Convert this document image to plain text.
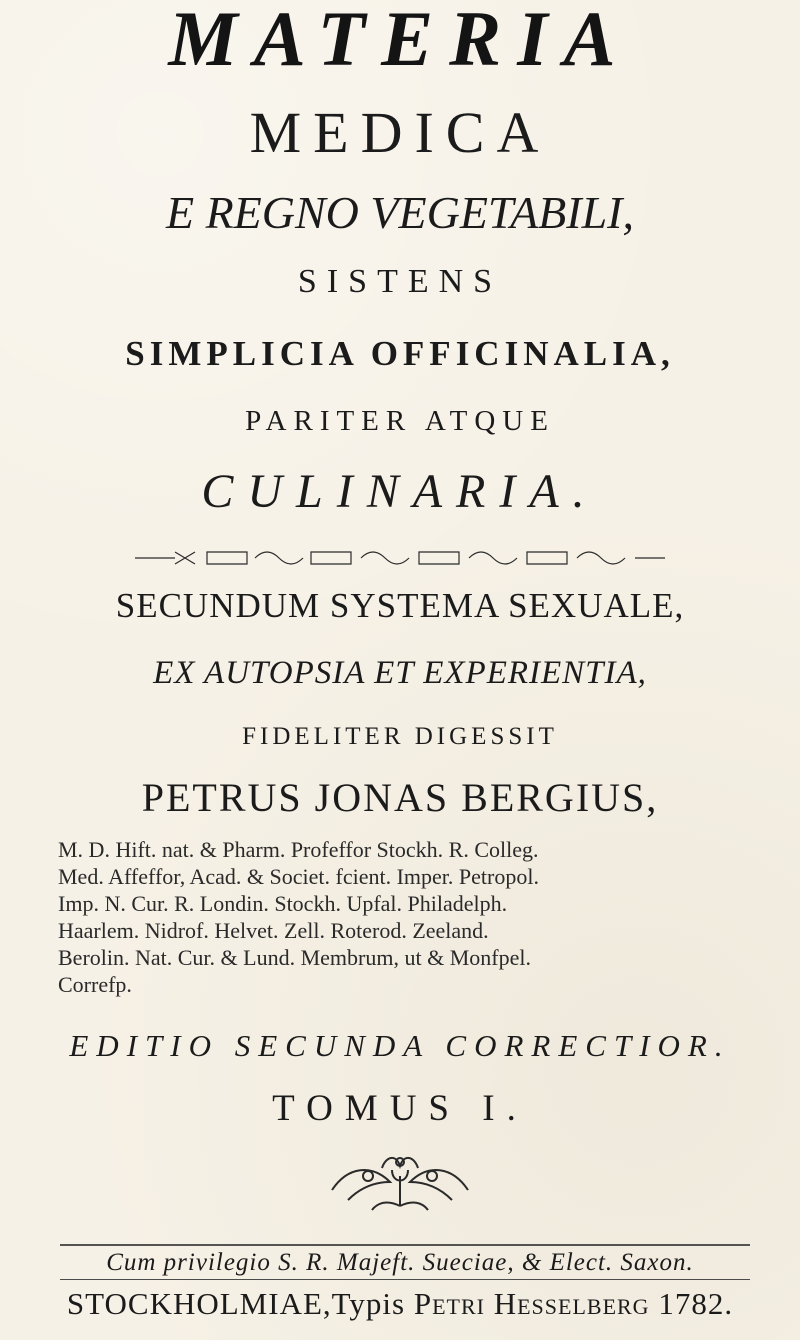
MATERIA
MEDICA
E REGNO VEGETABILI,
SISTENS
SIMPLICIA OFFICINALIA,
PARITER ATQUE
CULINARIA.
SECUNDUM SYSTEMA SEXUALE,
EX AUTOPSIA ET EXPERIENTIA,
FIDELITER DIGESSIT
PETRUS JONAS BERGIUS,
M. D. Hift. nat. & Pharm. Profeffor Stockh. R. Colleg.
Med. Affeffor, Acad. & Societ. fcient. Imper. Petropol.
Imp. N. Cur. R. Londin. Stockh. Upfal. Philadelph.
Haarlem. Nidrof. Helvet. Zell. Roterod. Zeeland.
Berolin. Nat. Cur. & Lund. Membrum, ut & Monfpel.
Correfp.
EDITIO SECUNDA CORRECTIOR.
TOMUS I.
Cum privilegio S. R. Majeft. Sueciae, & Elect. Saxon.
STOCKHOLMIAE,Typis Petri Hesselberg 1782.
